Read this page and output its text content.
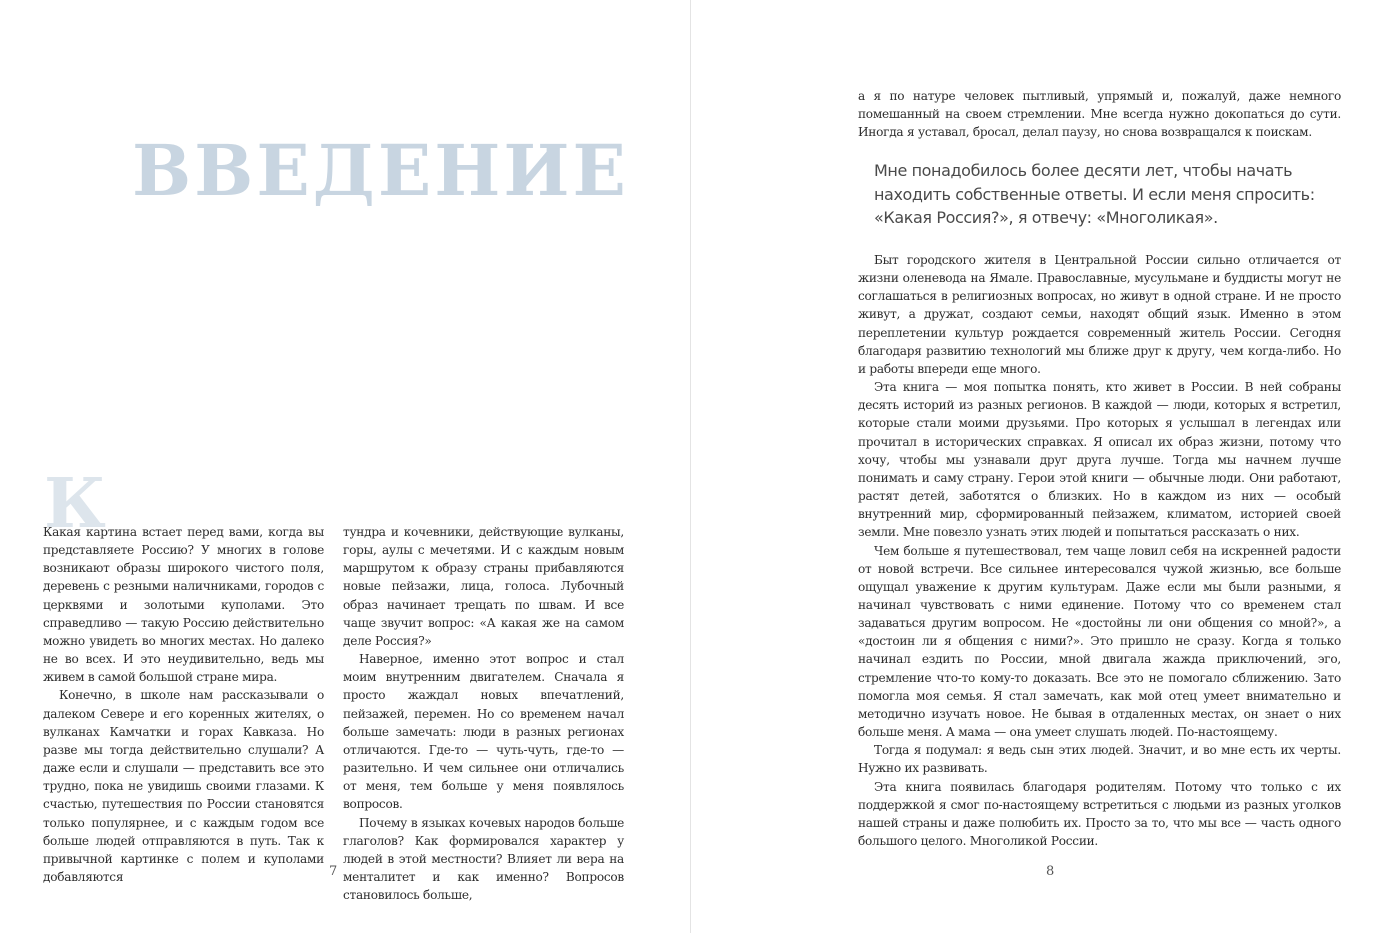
ВВЕДЕНИЕ
К

Какая картина встает перед вами, когда вы представляете Россию? У многих в голове возникают образы широкого чистого поля, деревень с резными наличниками, городов с церквями и золотыми куполами. Это справедливо — такую Россию действительно можно увидеть во многих местах. Но далеко не во всех. И это неудивительно, ведь мы живем в самой большой стране мира.

Конечно, в школе нам рассказывали о далеком Севере и его коренных жителях, о вулканах Камчатки и горах Кавказа. Но разве мы тогда действительно слушали? А даже если и слушали — представить все это трудно, пока не увидишь своими глазами. К счастью, путешествия по России становятся только популярнее, и с каждым годом все больше людей отправляются в путь. Так к привычной картинке с полем и куполами добавляются

тундра и кочевники, действующие вулканы, горы, аулы с мечетями. И с каждым новым маршрутом к образу страны прибавляются новые пейзажи, лица, голоса. Лубочный образ начинает трещать по швам. И все чаще звучит вопрос: «А какая же на самом деле Россия?»

Наверное, именно этот вопрос и стал моим внутренним двигателем. Сначала я просто жаждал новых впечатлений, пейзажей, перемен. Но со временем начал больше замечать: люди в разных регионах отличаются. Где-то — чуть-чуть, где-то — разительно. И чем сильнее они отличались от меня, тем больше у меня появлялось вопросов.

Почему в языках кочевых народов больше глаголов? Как формировался характер у людей в этой местности? Влияет ли вера на менталитет и как именно? Вопросов становилось больше,

7

а я по натуре человек пытливый, упрямый и, пожалуй, даже немного помешанный на своем стремлении. Мне всегда нужно докопаться до сути. Иногда я уставал, бросал, делал паузу, но снова возвращался к поискам.

Мне понадобилось более десяти лет, чтобы начать находить собственные ответы. И если меня спросить: «Какая Россия?», я отвечу: «Многоликая».

Быт городского жителя в Центральной России сильно отличается от жизни оленевода на Ямале. Православные, мусульмане и буддисты могут не соглашаться в религиозных вопросах, но живут в одной стране. И не просто живут, а дружат, создают семьи, находят общий язык. Именно в этом переплетении культур рождается современный житель России. Сегодня благодаря развитию технологий мы ближе друг к другу, чем когда-либо. Но и работы впереди еще много.

Эта книга — моя попытка понять, кто живет в России. В ней собраны десять историй из разных регионов. В каждой — люди, которых я встретил, которые стали моими друзьями. Про которых я услышал в легендах или прочитал в исторических справках. Я описал их образ жизни, потому что хочу, чтобы мы узнавали друг друга лучше. Тогда мы начнем лучше понимать и саму страну. Герои этой книги — обычные люди. Они работают, растят детей, заботятся о близких. Но в каждом из них — особый внутренний мир, сформированный пейзажем, климатом, историей своей земли. Мне повезло узнать этих людей и попытаться рассказать о них.

Чем больше я путешествовал, тем чаще ловил себя на искренней радости от новой встречи. Все сильнее интересовался чужой жизнью, все больше ощущал уважение к другим культурам. Даже если мы были разными, я начинал чувствовать с ними единение. Потому что со временем стал задаваться другим вопросом. Не «достойны ли они общения со мной?», а «достоин ли я общения с ними?». Это пришло не сразу. Когда я только начинал ездить по России, мной двигала жажда приключений, эго, стремление что-то кому-то доказать. Все это не помогало сближению. Зато помогла моя семья. Я стал замечать, как мой отец умеет внимательно и методично изучать новое. Не бывая в отдаленных местах, он знает о них больше меня. А мама — она умеет слушать людей. По-настоящему.

Тогда я подумал: я ведь сын этих людей. Значит, и во мне есть их черты. Нужно их развивать.

Эта книга появилась благодаря родителям. Потому что только с их поддержкой я смог по-настоящему встретиться с людьми из разных уголков нашей страны и даже полюбить их. Просто за то, что мы все — часть одного большого целого. Многоликой России.

8
